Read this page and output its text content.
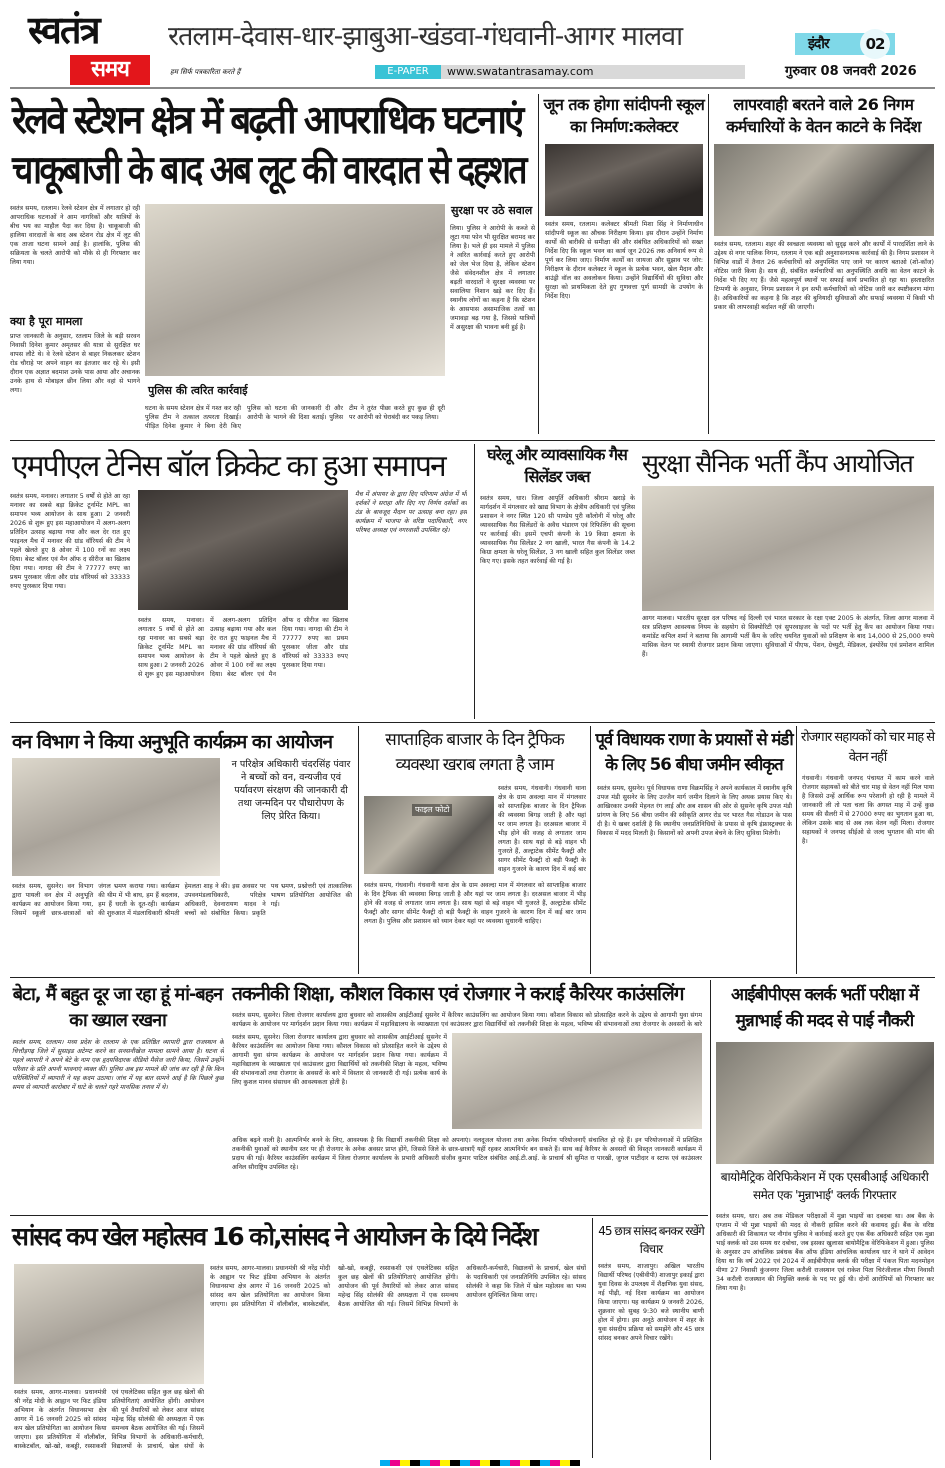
स्वतंत्र
समय
रतलाम-देवास-धार-झाबुआ-खंडवा-गंधवानी-आगर मालवा
हम सिर्फ पत्रकारिता करते हैं	E-PAPER	www.swatantrasamay.com
इंदौर	02
गुरुवार 08 जनवरी 2026
रेलवे स्टेशन क्षेत्र में बढ़ती आपराधिक घटनाएं
चाकूबाजी के बाद अब लूट की वारदात से दहशत
स्वतंत्र समय, रतलाम। रेलवे स्टेशन क्षेत्र में लगातार हो रही आपराधिक घटनाओं ने आम नागरिकों और यात्रियों के बीच भय का माहौल पैदा कर दिया है। चाकूबाजी की हालिया वारदातों के बाद अब स्टेशन रोड क्षेत्र में लूट की एक ताजा घटना सामने आई है। हालांकि, पुलिस की सक्रियता के चलते आरोपी को मौके से ही गिरफ्तार कर लिया गया।
क्या है पूरा मामला
प्राप्त जानकारी के अनुसार, रतलाम जिले के बड़ी सरवन निवासी दिनेश कुमार अमृतसर की यात्रा से सुरक्षित घर वापस लौटे थे। वे रेलवे स्टेशन से बाहर निकलकर स्टेशन रोड चौराहे पर अपने वाहन का इंतजार कर रहे थे। इसी दौरान एक अज्ञात बदमाश उनके पास आया और अचानक उनके हाथ से मोबाइल छीन लिया और वहां से भागने लगा।	पुलिस की त्वरित कार्रवाई
घटना के समय स्टेशन क्षेत्र में गश्त कर रही पुलिस टीम ने तत्काल तत्परता दिखाई। पीड़ित दिनेश कुमार ने बिना देरी किए पुलिस को घटना की जानकारी दी और आरोपी के भागने की दिशा बताई। पुलिस टीम ने तुरंत पीछा करते हुए कुछ ही दूरी पर आरोपी को घेराबंदी कर पकड़ लिया।
सुरक्षा पर उठे सवाल
लिया। पुलिस ने आरोपी के कब्जे से लूटा गया फोन भी सुरक्षित बरामद कर लिया है। भले ही इस मामले में पुलिस ने त्वरित कार्रवाई करते हुए आरोपी को जेल भेज दिया है, लेकिन स्टेशन जैसे संवेदनशील क्षेत्र में लगातार बढ़ती वारदातों ने सुरक्षा व्यवस्था पर सवालिया निशान खड़े कर दिए हैं। स्थानीय लोगों का कहना है कि स्टेशन के आसपास असामाजिक तत्वों का जमावड़ा बढ़ गया है, जिससे यात्रियों में असुरक्षा की भावना बनी हुई है।
जून तक होगा सांदीपनी स्कूल का निर्माण:कलेक्टर
स्वतंत्र समय, रतलाम। कलेक्टर श्रीमती मिशा सिंह ने निर्माणाधीन सांदीपनी स्कूल का औचक निरीक्षण किया। इस दौरान उन्होंने निर्माण कार्यों की बारीकी से समीक्षा की और संबंधित अधिकारियों को सख्त निर्देश दिए कि स्कूल भवन का कार्य जून 2026 तक अनिवार्य रूप से पूर्ण कर लिया जाए। निर्माण कार्यों का जायजा और सुझाव पर जोर: निरीक्षण के दौरान कलेक्टर ने स्कूल के प्रत्येक भवन, खेल मैदान और बाउंड्री वॉल का अवलोकन किया। उन्होंने विद्यार्थियों की सुविधा और सुरक्षा को प्राथमिकता देते हुए गुणवत्ता पूर्ण सामग्री के उपयोग के निर्देश दिए।
लापरवाही बरतने वाले 26 निगम कर्मचारियों के वेतन काटने के निर्देश
स्वतंत्र समय, रतलाम। शहर की स्वच्छता व्यवस्था को सुदृढ़ करने और कार्यों में पारदर्शिता लाने के उद्देश्य से नगर पालिक निगम, रतलाम ने एक बड़ी अनुशासनात्मक कार्रवाई की है। निगम प्रशासन ने विभिन्न वार्डों में तैनात 26 कर्मचारियों को अनुपस्थित पाए जाने पर कारण बताओ (शो-कॉज) नोटिस जारी किया है। साथ ही, संबंधित कर्मचारियों का अनुपस्थिति अवधि का वेतन काटने के निर्देश भी दिए गए हैं। जैसे महत्वपूर्ण स्थानों पर सफाई कार्य प्रभावित हो रहा था। हस्ताक्षरित टिप्पणी के अनुसार, निगम प्रशासन ने इन सभी कर्मचारियों को नोटिस जारी कर स्पष्टीकरण मांगा है। अधिकारियों का कहना है कि शहर की बुनियादी सुविधाओं और सफाई व्यवस्था में किसी भी प्रकार की लापरवाही बर्दाश्त नहीं की जाएगी।
एमपीएल टेनिस बॉल क्रिकेट का हुआ समापन
स्वतंत्र समय, मनावर। लगातार 5 वर्षों से होते आ रहा मनावर का सबसे बड़ा क्रिकेट टूर्नामेंट MPL का समापन भव्य आयोजन के साथ हुआ। 2 जनवरी 2026 से शुरू हुए इस महाआयोजन में अलग-अलग प्रतिदिन उत्साह बढ़ाया गया और कल देर रात हुए फाइनल मैच में मनावर की ग्रांड वॉरियर्स की टीम ने पहले खेलते हुए 8 ओवर में 100 रनों का लक्ष्य दिया। बेस्ट बॉलर एवं मैन ऑफ द सीरीज का खिताब दिया गया। नागदा की टीम ने 77777 रुपए का प्रथम पुरस्कार जीता और ग्रांड वॉरियर्स को 33333 रुपए पुरस्कार दिया गया।
स्वतंत्र समय, मनावर। लगातार 5 वर्षों से होते आ रहा मनावर का सबसे बड़ा क्रिकेट टूर्नामेंट MPL का समापन भव्य आयोजन के साथ हुआ। 2 जनवरी 2026 से शुरू हुए इस महाआयोजन में अलग-अलग प्रतिदिन उत्साह बढ़ाया गया और कल देर रात हुए फाइनल मैच में मनावर की ग्रांड वॉरियर्स की टीम ने पहले खेलते हुए 8 ओवर में 100 रनों का लक्ष्य दिया। बेस्ट बॉलर एवं मैन ऑफ द सीरीज का खिताब दिया गया। नागदा की टीम ने 77777 रुपए का प्रथम पुरस्कार जीता और ग्रांड वॉरियर्स को 33333 रुपए पुरस्कार दिया गया।
मैच में अंपायर के द्वारा दिए परिणाम अंग्रेज में भी दर्शकों ने सराहा और दिए गए निर्णय दर्शकों का ठंड के बावजूद मैदान पर उत्साह बना रहा। इस कार्यक्रम में भाजपा के वरिष्ठ पदाधिकारी, नगर परिषद अध्यक्ष एवं नगरवासी उपस्थित रहे।
घरेलू और व्यावसायिक गैस सिलेंडर जब्त
स्वतंत्र समय, धार। जिला आपूर्ति अधिकारी श्रीराम खराड़े के मार्गदर्शन में मंगलवार को खाद्य विभाग के क्षेत्रीय अधिकारी एवं पुलिस प्रशासन ने नगर स्थित 120 सी पाण्डेय पुरी कॉलोनी में घरेलू और व्यावसायिक गैस सिलेंडरों के अवैध भंडारण एवं रिफिलिंग की सूचना पर कार्रवाई की। इसमें एचपी कंपनी के 19 किग्रा क्षमता के व्यावसायिक गैस सिलेंडर 2 नग खाली, भारत गैस कंपनी के 14.2 किग्रा क्षमता के घरेलू सिलेंडर, 3 नग खाली सहित कुल सिलेंडर जब्त किए गए। इसके तहत कार्रवाई की गई है।
सुरक्षा सैनिक भर्ती कैंप आयोजित
आगर मालवा। भारतीय सुरक्षा दल परिषद नई दिल्ली एवं भारत सरकार के रक्षा एक्ट 2005 के अंतर्गत, जिला आगर मालवा में सत्र प्रशिक्षण आवश्यक नियम के सहयोग से सिक्योरिटी एवं सुपरवाइजर के पदों पर भर्ती हेतु कैंप का आयोजन किया गया। कमांडेंट कपिल शर्मा ने बताया कि आगामी भर्ती कैंप के जरिए चयनित युवाओं को प्रशिक्षण के बाद 14,000 से 25,000 रुपये मासिक वेतन पर स्थायी रोजगार प्रदान किया जाएगा। सुविधाओं में पीएफ, पेंशन, ग्रेच्युटी, मेडिकल, इंश्योरेंस एवं प्रमोशन शामिल हैं।
वन विभाग ने किया अनुभूति कार्यक्रम का आयोजन
न परिक्षेत्र अधिकारी चंदरसिंह पंवार ने बच्चों को वन, वन्यजीव एवं पर्यावरण संरक्षण की जानकारी दी तथा जन्मदिन पर पौधारोपण के लिए प्रेरित किया।
स्वतंत्र समय, सुसनेर। वन विभाग द्वारा पायली वन क्षेत्र में अनुभूति कार्यक्रम का आयोजन किया गया, जिसमें स्कूली छात्र-छात्राओं को जंगल भ्रमण कराया गया। कार्यक्रम की थीम में भी बाघ, हम हैं बदलाव, हम हैं धरती के दूत-रही। कार्यक्रम की शुरुआत में मंडलाधिकारी श्रीमती हेमलता शाह ने की। इस अवसर पर उपवनमंडलाधिकारी, परिक्षेत्र अधिकारी, देवनारायण यादव ने बच्चों को संबोधित किया। प्रकृति पथ भ्रमण, प्रश्नोत्तरी एवं तात्कालिक भाषण प्रतियोगिता आयोजित की गई।
साप्ताहिक बाजार के दिन ट्रैफिक व्यवस्था खराब लगता है जाम
फाइल फोटो
स्वतंत्र समय, गंधवानी। गंधवानी थाना क्षेत्र के ग्राम अवल्दा मान में मंगलवार को साप्ताहिक बाजार के दिन ट्रैफिक की व्यवस्था बिगड़ जाती है और यहां पर जाम लगता है। दरअसल बाजार में भीड़ होने की वजह से लगातार जाम लगता है। साथ यहां से बड़े वाहन भी गुजरते हैं, अल्ट्राटेक सीमेंट फैक्ट्री और सागर सीमेंट फैक्ट्री दो बड़ी फैक्ट्री के वाहन गुजरने के कारण दिन में कई बार
स्वतंत्र समय, गंधवानी। गंधवानी थाना क्षेत्र के ग्राम अवल्दा मान में मंगलवार को साप्ताहिक बाजार के दिन ट्रैफिक की व्यवस्था बिगड़ जाती है और यहां पर जाम लगता है। दरअसल बाजार में भीड़ होने की वजह से लगातार जाम लगता है। साथ यहां से बड़े वाहन भी गुजरते हैं, अल्ट्राटेक सीमेंट फैक्ट्री और सागर सीमेंट फैक्ट्री दो बड़ी फैक्ट्री के वाहन गुजरने के कारण दिन में कई बार जाम लगता है। पुलिस और प्रशासन को ध्यान देकर यहां पर व्यवस्था सुधारनी चाहिए।
पूर्व विधायक राणा के प्रयासों से मंडी के लिए 56 बीघा जमीन स्वीकृत
स्वतंत्र समय, सुसनेर। पूर्व विधायक राणा विक्रमसिंह ने अपने कार्यकाल में स्थानीय कृषि उपज मंडी सुसनेर के लिए उज्जैन मार्ग जमीन दिलाने के लिए अथक प्रयास किए थे। आखिरकार उनकी मेहनत रंग लाई और अब शासन की ओर से सुसनेर कृषि उपज मंडी प्रांगण के लिए 56 बीघा जमीन की स्वीकृति आगर रोड पर भारत गैस गोडाउन के पास दी है। ये खबर दर्शाती है कि स्थानीय जनप्रतिनिधियों के प्रयास से कृषि इंफ्रास्ट्रक्चर के विकास में मदद मिलती है। किसानों को अपनी उपज बेचने के लिए सुविधा मिलेगी।
रोजगार सहायकों को चार माह से वेतन नहीं
गंधवानी। गंधवानी जनपद पंचायत में काम करने वाले रोजगार सहायकों को बीते चार माह से वेतन नहीं मिल पाया है जिससे उन्हें आर्थिक रूप परेशानी हो रही है मामले में जानकारी ली तो पता चला कि अगस्त माह में उन्हें कुछ समय की सैलरी में से 27000 रुपए का भुगतान हुआ था, लेकिन उसके बाद से अब तक वेतन नहीं मिला। रोजगार सहायकों ने जनपद सीईओ से जल्द भुगतान की मांग की है।
बेटा, मैं बहुत दूर जा रहा हूं मां-बहन का ख्याल रखना
स्वतंत्र समय, रतलाम। मध्य प्रदेश के रतलाम के एक प्रतिष्ठित व्यापारी द्वारा राजस्थान के चित्तौड़गढ़ जिले में सुसाइड अटेम्प्ट करने का सनसनीखेज मामला सामने आया है। घटना से पहले व्यापारी ने अपने बेटे के नाम एक हृदयविदारक वीडियो मैसेज जारी किया, जिसमें उन्होंने परिवार के प्रति अपनी भावनाएं व्यक्त कीं। पुलिस अब इस मामले की जांच कर रही है कि किन परिस्थितियों में व्यापारी ने यह कदम उठाया। जांच में यह बात सामने आई है कि पिछले कुछ समय से व्यापारी कारोबार में घाटे के चलते गहरे मानसिक तनाव में थे।
तकनीकी शिक्षा, कौशल विकास एवं रोजगार ने कराई कैरियर काउंसलिंग
स्वतंत्र समय, सुसनेर। जिला रोजगार कार्यालय द्वारा बुधवार को शासकीय आईटीआई सुसनेर में कैरियर काउंसलिंग का आयोजन किया गया। कौशल विकास को प्रोत्साहित करने के उद्देश्य से आगामी युवा संगम कार्यक्रम के आयोजन पर मार्गदर्शन प्रदान किया गया। कार्यक्रम में महाविद्यालय के व्याख्याता एवं काउंसलर द्वारा विद्यार्थियों को तकनीकी शिक्षा के महत्व, भविष्य की संभावनाओं तथा रोजगार के अवसरों के बारे
स्वतंत्र समय, सुसनेर। जिला रोजगार कार्यालय द्वारा बुधवार को शासकीय आईटीआई सुसनेर में कैरियर काउंसलिंग का आयोजन किया गया। कौशल विकास को प्रोत्साहित करने के उद्देश्य से आगामी युवा संगम कार्यक्रम के आयोजन पर मार्गदर्शन प्रदान किया गया। कार्यक्रम में महाविद्यालय के व्याख्याता एवं काउंसलर द्वारा विद्यार्थियों को तकनीकी शिक्षा के महत्व, भविष्य की संभावनाओं तथा रोजगार के अवसरों के बारे में विस्तार से जानकारी दी गई। प्रत्येक कार्य के लिए कुशल मानव संसाधन की आवश्यकता होती है।
अधिक बढ़ने वाली है। आत्मनिर्भर बनने के लिए, आवश्यक है कि विद्यार्थी तकनीकी शिक्षा को अपनाएं। नलदूजल योजना तथा अनेक निर्माण परियोजनाएँ संचालित हो रहे हैं। इन परियोजनाओं में प्रशिक्षित तकनीकी युवाओं को स्थानीय स्तर पर ही रोजगार के अनेक अवसर प्राप्त होंगे, जिससे जिले के छात्र-छात्राएँ यहीं रहकर आत्मनिर्भर बन सकते हैं। साथ कई कैरियर के अवसरों की विस्तृत जानकारी कार्यक्रम में प्रदाय की गई। कैरियर काउंसलिंग कार्यक्रम में जिला रोजगार कार्यालय के प्रभारी अधिकारी संजीव कुमार पाटिल संबंधित आई.टी.आई. के प्राचार्य श्री सुमित रा पारखी, जुगल पाटीदार व स्टाफ एवं काउंसलर अनिल सौराष्ट्रिय उपस्थित रहे।
आईबीपीएस क्लर्क भर्ती परीक्षा में मुन्नाभाई की मदद से पाई नौकरी
बायोमैट्रिक वेरिफिकेशन में एक एसबीआई अधिकारी समेत एक 'मुन्नाभाई' क्लर्क गिरफ्तार
स्वतंत्र समय, धार। अब तक मेडिकल परीक्षाओं में मुन्ना भाइयों का दबदबा था। अब बैंक के एग्जाम में भी मुन्ना भाइयों की मदद से नौकरी हासिल करने की कवायद हुई। बैंक के वरिष्ठ अधिकारी की शिकायत पर नौगांव पुलिस ने कार्रवाई करते हुए एक बैंक अधिकारी सहित एक मुन्ना भाई क्लर्क को उस समय धर दबोचा, जब इसका खुलासा बायोमैट्रिक वेरिफिकेशन में हुआ। पुलिस के अनुसार उप आंचलिक प्रबंधक बैंक ऑफ इंडिया आंचलिक कार्यालय धार ने थाने में आवेदन दिया था कि वर्ष 2022 एवं 2024 में आईबीपीएस क्लर्क की परीक्षा में पंकज पिता मदनमोहन मीणा 27 निवासी कुंजनगर जिला करौली राजस्थान एवं राकेश पिता चिरंजीलाल मीणा निवासी 34 करौली राजस्थान की नियुक्ति क्लर्क के पद पर हुई थी। दोनों आरोपियों को गिरफ्तार कर लिया गया है।
सांसद कप खेल महोत्सव 16 को,सांसद ने आयोजन के दिये निर्देश
स्वतंत्र समय, आगर-मालवा। प्रधानमंत्री श्री नरेंद्र मोदी के आह्वान पर फिट इंडिया अभियान के अंतर्गत विधानसभा क्षेत्र आगर में 16 जनवरी 2025 को सांसद कप खेल प्रतियोगिता का आयोजन किया जाएगा। इस प्रतियोगिता में वॉलीबॉल, बास्केटबॉल, खो-खो, कबड्डी, रस्साकशी एवं एथलेटिक्स सहित कुल छह खेलों की प्रतियोगिताएं आयोजित होंगी। आयोजन की पूर्व तैयारियों को लेकर आज सांसद महेन्द्र सिंह सोलंकी की अध्यक्षता में एक समन्वय बैठक आयोजित की गई। जिसमें विभिन्न विभागों के अधिकारी-कर्मचारी, विद्यालयों के प्राचार्य, खेल संघों के
स्वतंत्र समय, आगर-मालवा। प्रधानमंत्री श्री नरेंद्र मोदी के आह्वान पर फिट इंडिया अभियान के अंतर्गत विधानसभा क्षेत्र आगर में 16 जनवरी 2025 को सांसद कप खेल प्रतियोगिता का आयोजन किया जाएगा। इस प्रतियोगिता में वॉलीबॉल, बास्केटबॉल, खो-खो, कबड्डी, रस्साकशी एवं एथलेटिक्स सहित कुल छह खेलों की प्रतियोगिताएं आयोजित होंगी। आयोजन की पूर्व तैयारियों को लेकर आज सांसद महेन्द्र सिंह सोलंकी की अध्यक्षता में एक समन्वय बैठक आयोजित की गई। जिसमें विभिन्न विभागों के अधिकारी-कर्मचारी, विद्यालयों के प्राचार्य, खेल संघों के पदाधिकारी एवं जनप्रतिनिधि उपस्थित रहे। सांसद सोलंकी ने कहा कि जिले में खेल महोत्सव का भव्य आयोजन सुनिश्चित किया जाए।
45 छात्र सांसद बनकर रखेंगे विचार
स्वतंत्र समय, शाजापुर। अखिल भारतीय विद्यार्थी परिषद (एबीवीपी) शाजापुर इकाई द्वारा युवा दिवस के उपलक्ष्य में शैक्षणिक युवा संसद, नई पीढ़ी, नई दिशा कार्यक्रम का आयोजन किया जाएगा। यह कार्यक्रम 9 जनवरी 2026, शुक्रवार को सुबह 9:30 बजे स्थानीय बाणी होल में होगा। इस अनूठे आयोजन में शहर के युवा संसदीय प्रक्रिया को समझेंगे और 45 छात्र सांसद बनकर अपने विचार रखेंगे।
